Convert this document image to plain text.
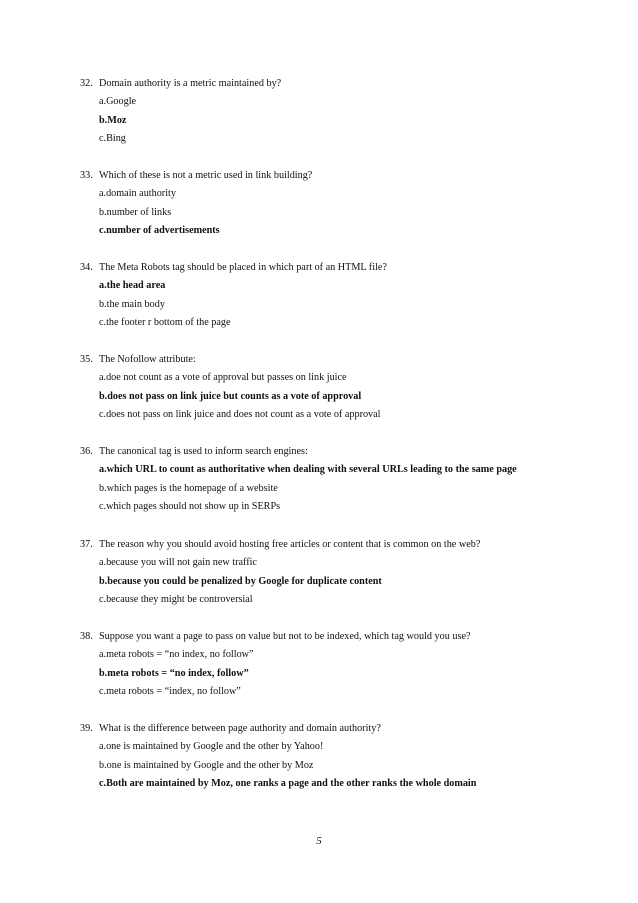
32. Domain authority is a metric maintained by?
a.Google
b.Moz
c.Bing
33. Which of these is not a metric used in link building?
a.domain authority
b.number of links
c.number of advertisements
34. The Meta Robots tag should be placed in which part of an HTML file?
a.the head area
b.the main body
c.the footer r bottom of the page
35. The Nofollow attribute:
a.doe not count as a vote of approval but passes on link juice
b.does not pass on link juice but counts as a vote of approval
c.does not pass on link juice and does not count as a vote of approval
36. The canonical tag is used to inform search engines:
a.which URL to count as authoritative when dealing with several URLs leading to the same page
b.which pages is the homepage of a website
c.which pages should not show up in SERPs
37. The reason why you should avoid hosting free articles or content that is common on the web?
a.because you will not gain new traffic
b.because you could be penalized by Google for duplicate content
c.because they might be controversial
38. Suppose you want a page to pass on value but not to be indexed, which tag would you use?
a.meta robots = “no index, no follow”
b.meta robots = “no index, follow”
c.meta robots = “index, no follow”
39. What is the difference between page authority and domain authority?
a.one is maintained by Google and the other by Yahoo!
b.one is maintained by Google and the other by Moz
c.Both are maintained by Moz, one ranks a page and the other ranks the whole domain
5
